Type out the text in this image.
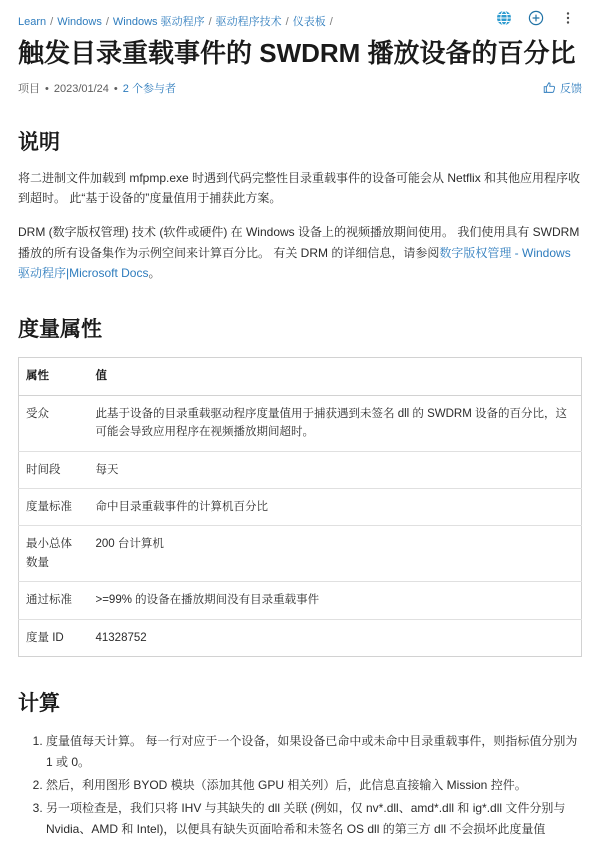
Learn / Windows / Windows 驱动程序 / 驱动程序技术 / 仪表板 /
触发目录重载事件的 SWDRM 播放设备的百分比
项目 • 2023/01/24 • 2 个参与者	反馈
说明

将二进制文件加载到 mfpmp.exe 时遇到代码完整性目录重载事件的设备可能会从 Netflix 和其他应用程序收到超时。 此“基于设备的”度量值用于捕获此方案。

DRM (数字版权管理) 技术 (软件或硬件) 在 Windows 设备上的视频播放期间使用。 我们使用具有 SWDRM 播放的所有设备集作为示例空间来计算百分比。 有关 DRM 的详细信息，请参阅数字版权管理 - Windows 驱动程序|Microsoft Docs。

度量属性
属性	值
受众	此基于设备的目录重载驱动程序度量值用于捕获遇到未签名 dll 的 SWDRM 设备的百分比，这可能会导致应用程序在视频播放期间超时。
时间段	每天
度量标准	命中目录重载事件的计算机百分比
最小总体数量	200 台计算机
通过标准	>=99% 的设备在播放期间没有目录重载事件
度量 ID	41328752
计算
1. 度量值每天计算。 每一行对应于一个设备，如果设备已命中或未命中目录重载事件，则指标值分别为 1 或 0。
2. 然后，利用图形 BYOD 模块（添加其他 GPU 相关列）后，此信息直接输入 Mission 控件。
3. 另一项检查是，我们只将 IHV 与其缺失的 dll 关联 (例如，仅 nv*.dll、amd*.dll 和 ig*.dll 文件分别与 Nvidia、AMD 和 Intel)，以便具有缺失页面哈希和未签名 OS dll 的第三方 dll 不会损坏此度量值
